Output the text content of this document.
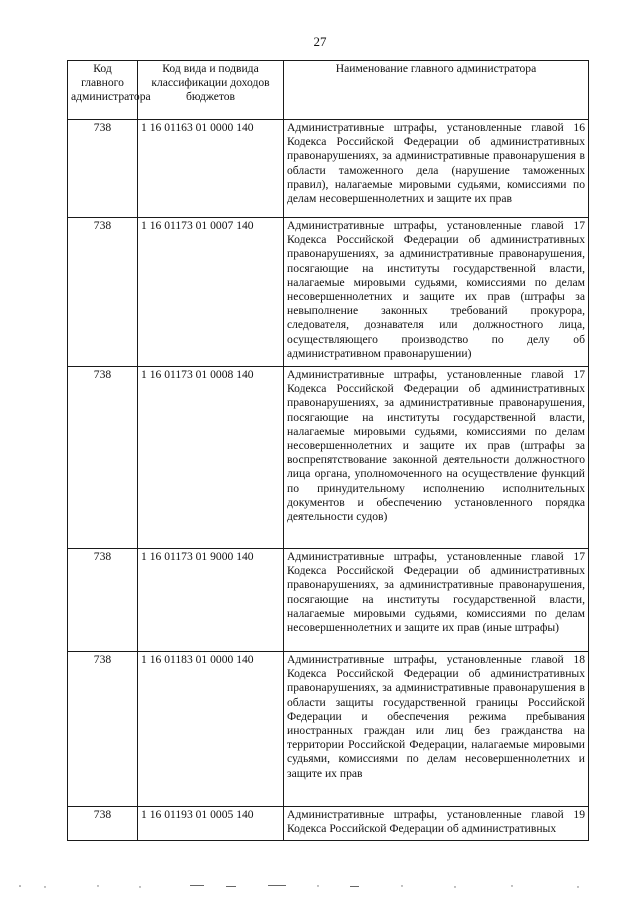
27
Код главного администратора	Код вида и подвида классификации доходов бюджетов	Наименование главного администратора
738	1 16 01163 01 0000 140	Административные штрафы, установленные главой 16 Кодекса Российской Федерации об административных правонарушениях, за административные правонарушения в области таможенного дела (нарушение таможенных правил), налагаемые мировыми судьями, комиссиями по делам несовершеннолетних и защите их прав
738	1 16 01173 01 0007 140	Административные штрафы, установленные главой 17 Кодекса Российской Федерации об административных правонарушениях, за административные правонарушения, посягающие на институты государственной власти, налагаемые мировыми судьями, комиссиями по делам несовершеннолетних и защите их прав (штрафы за невыполнение законных требований прокурора, следователя, дознавателя или должностного лица, осуществляющего производство по делу об административном правонарушении)
738	1 16 01173 01 0008 140	Административные штрафы, установленные главой 17 Кодекса Российской Федерации об административных правонарушениях, за административные правонарушения, посягающие на институты государственной власти, налагаемые мировыми судьями, комиссиями по делам несовершеннолетних и защите их прав (штрафы за воспрепятствование законной деятельности должностного лица органа, уполномоченного на осуществление функций по принудительному исполнению исполнительных документов и обеспечению установленного порядка деятельности судов)
738	1 16 01173 01 9000 140	Административные штрафы, установленные главой 17 Кодекса Российской Федерации об административных правонарушениях, за административные правонарушения, посягающие на институты государственной власти, налагаемые мировыми судьями, комиссиями по делам несовершеннолетних и защите их прав (иные штрафы)
738	1 16 01183 01 0000 140	Административные штрафы, установленные главой 18 Кодекса Российской Федерации об административных правонарушениях, за административные правонарушения в области защиты государственной границы Российской Федерации и обеспечения режима пребывания иностранных граждан или лиц без гражданства на территории Российской Федерации, налагаемые мировыми судьями, комиссиями по делам несовершеннолетних и защите их прав
738	1 16 01193 01 0005 140	Административные штрафы, установленные главой 19 Кодекса Российской Федерации об административных
